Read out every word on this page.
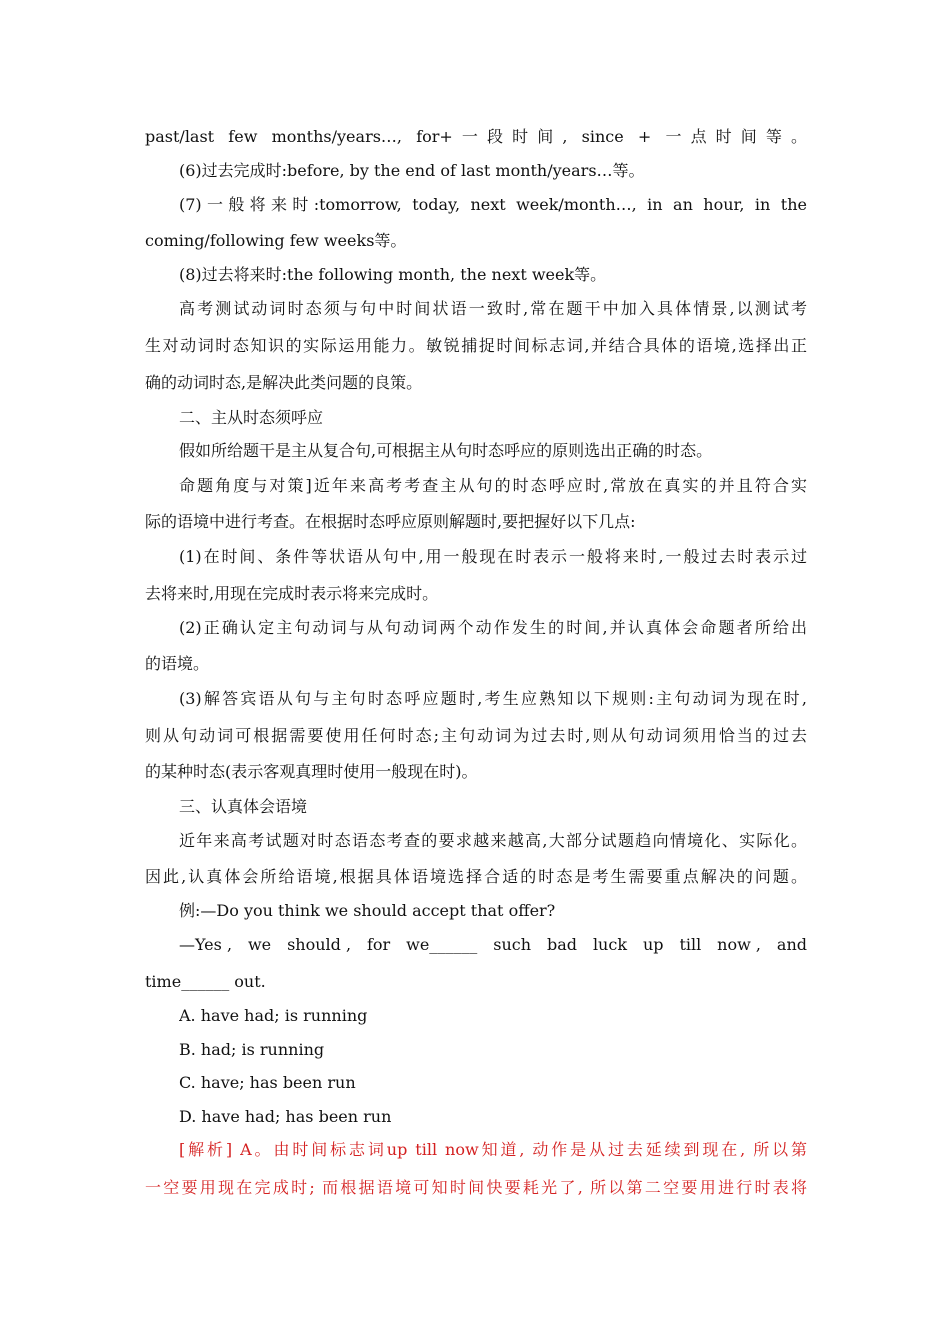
past/last few months/years…, for+一段时间, since + 一点时间等。
(6)过去完成时:before, by the end of last month/years…等。
(7)一般将来时:tomorrow, today, next week/month…, in an hour, in the
coming/following few weeks等。
(8)过去将来时:the following month, the next week等。
高考测试动词时态须与句中时间状语一致时,常在题干中加入具体情景,以测试考
生对动词时态知识的实际运用能力。敏锐捕捉时间标志词,并结合具体的语境,选择出正
确的动词时态,是解决此类问题的良策。
二、主从时态须呼应
假如所给题干是主从复合句,可根据主从句时态呼应的原则选出正确的时态。
命题角度与对策]近年来高考考查主从句的时态呼应时,常放在真实的并且符合实
际的语境中进行考查。在根据时态呼应原则解题时,要把握好以下几点:
(1)在时间、条件等状语从句中,用一般现在时表示一般将来时,一般过去时表示过
去将来时,用现在完成时表示将来完成时。
(2)正确认定主句动词与从句动词两个动作发生的时间,并认真体会命题者所给出
的语境。
(3)解答宾语从句与主句时态呼应题时,考生应熟知以下规则:主句动词为现在时,
则从句动词可根据需要使用任何时态;主句动词为过去时,则从句动词须用恰当的过去
的某种时态(表示客观真理时使用一般现在时)。
三、认真体会语境
近年来高考试题对时态语态考查的要求越来越高,大部分试题趋向情境化、实际化。
因此,认真体会所给语境,根据具体语境选择合适的时态是考生需要重点解决的问题。
例:—Do you think we should accept that offer?
—Yes , we should , for we______ such bad luck up till now , and
time______ out.
A. have had; is running
B. had; is running
C. have; has been run
D. have had; has been run
[解析] A。由时间标志词up till now知道, 动作是从过去延续到现在, 所以第
一空要用现在完成时; 而根据语境可知时间快要耗光了, 所以第二空要用进行时表将
